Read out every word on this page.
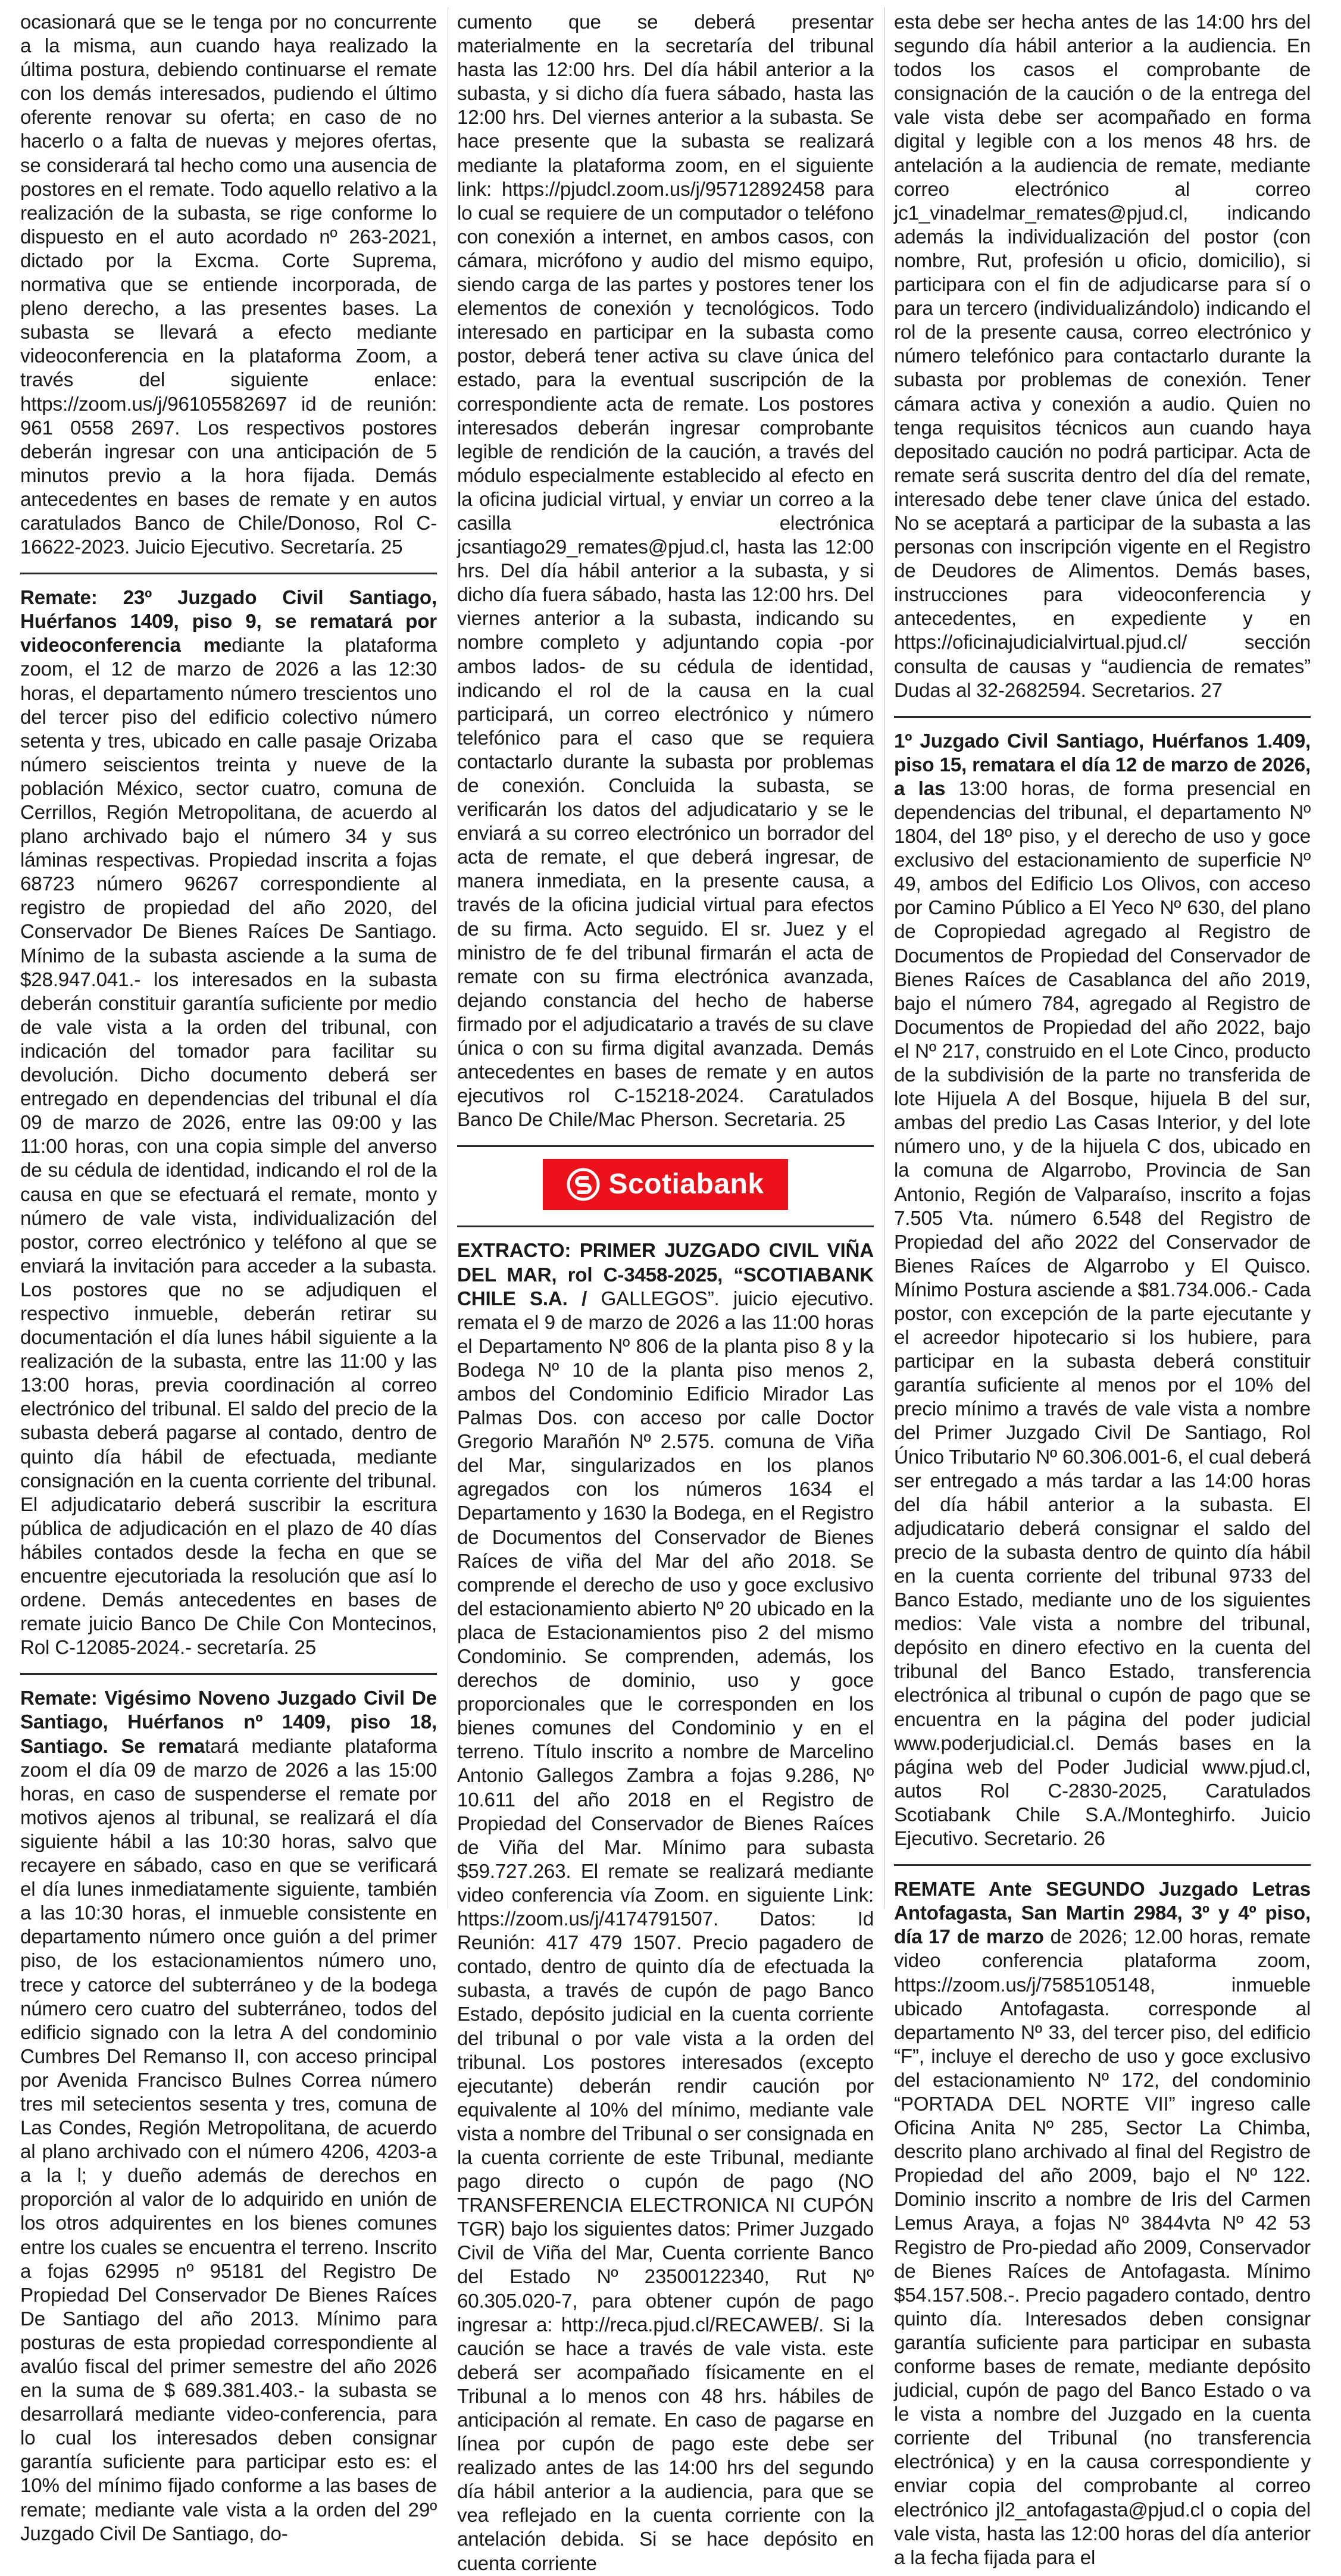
ocasionará que se le tenga por no concurrente a la misma, aun cuando haya realizado la última postura, debiendo continuarse el remate con los demás interesados, pudiendo el último oferente renovar su oferta; en caso de no hacerlo o a falta de nuevas y mejores ofertas, se considerará tal hecho como una ausencia de postores en el remate. Todo aquello relativo a la realización de la subasta, se rige conforme lo dispuesto en el auto acordado nº 263-2021, dictado por la Excma. Corte Suprema, normativa que se entiende incorporada, de pleno derecho, a las presentes bases. La subasta se llevará a efecto mediante videoconferencia en la plataforma Zoom, a través del siguiente enlace: https://zoom.us/j/96105582697 id de reunión: 961 0558 2697. Los respectivos postores deberán ingresar con una anticipación de 5 minutos previo a la hora fijada. Demás antecedentes en bases de remate y en autos caratulados Banco de Chile/Donoso, Rol C-16622-2023. Juicio Ejecutivo. Secretaría. 25

Remate: 23º Juzgado Civil Santiago, Huérfanos 1409, piso 9, se rematará por videoconferencia mediante la plataforma zoom, el 12 de marzo de 2026 a las 12:30 horas, el departamento número trescientos uno del tercer piso del edificio colectivo número setenta y tres, ubicado en calle pasaje Orizaba número seiscientos treinta y nueve de la población México, sector cuatro, comuna de Cerrillos, Región Metropolitana, de acuerdo al plano archivado bajo el número 34 y sus láminas respectivas. Propiedad inscrita a fojas 68723 número 96267 correspondiente al registro de propiedad del año 2020, del Conservador De Bienes Raíces De Santiago. Mínimo de la subasta asciende a la suma de $28.947.041.- los interesados en la subasta deberán constituir garantía suficiente por medio de vale vista a la orden del tribunal, con indicación del tomador para facilitar su devolución. Dicho documento deberá ser entregado en dependencias del tribunal el día 09 de marzo de 2026, entre las 09:00 y las 11:00 horas, con una copia simple del anverso de su cédula de identidad, indicando el rol de la causa en que se efectuará el remate, monto y número de vale vista, individualización del postor, correo electrónico y teléfono al que se enviará la invitación para acceder a la subasta. Los postores que no se adjudiquen el respectivo inmueble, deberán retirar su documentación el día lunes hábil siguiente a la realización de la subasta, entre las 11:00 y las 13:00 horas, previa coordinación al correo electrónico del tribunal. El saldo del precio de la subasta deberá pagarse al contado, dentro de quinto día hábil de efectuada, mediante consignación en la cuenta corriente del tribunal. El adjudicatario deberá suscribir la escritura pública de adjudicación en el plazo de 40 días hábiles contados desde la fecha en que se encuentre ejecutoriada la resolución que así lo ordene. Demás antecedentes en bases de remate juicio Banco De Chile Con Montecinos, Rol C-12085-2024.- secretaría. 25

Remate: Vigésimo Noveno Juzgado Civil De Santiago, Huérfanos nº 1409, piso 18, Santiago. Se rematará mediante plataforma zoom el día 09 de marzo de 2026 a las 15:00 horas, en caso de suspenderse el remate por motivos ajenos al tribunal, se realizará el día siguiente hábil a las 10:30 horas, salvo que recayere en sábado, caso en que se verificará el día lunes inmediatamente siguiente, también a las 10:30 horas, el inmueble consistente en departamento número once guión a del primer piso, de los estacionamientos número uno, trece y catorce del subterráneo y de la bodega número cero cuatro del subterráneo, todos del edificio signado con la letra A del condominio Cumbres Del Remanso II, con acceso principal por Avenida Francisco Bulnes Correa número tres mil setecientos sesenta y tres, comuna de Las Condes, Región Metropolitana, de acuerdo al plano archivado con el número 4206, 4203-a a la l; y dueño además de derechos en proporción al valor de lo adquirido en unión de los otros adquirentes en los bienes comunes entre los cuales se encuentra el terreno. Inscrito a fojas 62995 nº 95181 del Registro De Propiedad Del Conservador De Bienes Raíces De Santiago del año 2013. Mínimo para posturas de esta propiedad correspondiente al avalúo fiscal del primer semestre del año 2026 en la suma de $ 689.381.403.- la subasta se desarrollará mediante video-conferencia, para lo cual los interesados deben consignar garantía suficiente para participar esto es: el 10% del mínimo fijado conforme a las bases de remate; mediante vale vista a la orden del 29º Juzgado Civil De Santiago, do-

cumento que se deberá presentar materialmente en la secretaría del tribunal hasta las 12:00 hrs. Del día hábil anterior a la subasta, y si dicho día fuera sábado, hasta las 12:00 hrs. Del viernes anterior a la subasta. Se hace presente que la subasta se realizará mediante la plataforma zoom, en el siguiente link: https://pjudcl.zoom.us/j/95712892458 para lo cual se requiere de un computador o teléfono con conexión a internet, en ambos casos, con cámara, micrófono y audio del mismo equipo, siendo carga de las partes y postores tener los elementos de conexión y tecnológicos. Todo interesado en participar en la subasta como postor, deberá tener activa su clave única del estado, para la eventual suscripción de la correspondiente acta de remate. Los postores interesados deberán ingresar comprobante legible de rendición de la caución, a través del módulo especialmente establecido al efecto en la oficina judicial virtual, y enviar un correo a la casilla electrónica jcsantiago29_remates@pjud.cl, hasta las 12:00 hrs. Del día hábil anterior a la subasta, y si dicho día fuera sábado, hasta las 12:00 hrs. Del viernes anterior a la subasta, indicando su nombre completo y adjuntando copia -por ambos lados- de su cédula de identidad, indicando el rol de la causa en la cual participará, un correo electrónico y número telefónico para el caso que se requiera contactarlo durante la subasta por problemas de conexión. Concluida la subasta, se verificarán los datos del adjudicatario y se le enviará a su correo electrónico un borrador del acta de remate, el que deberá ingresar, de manera inmediata, en la presente causa, a través de la oficina judicial virtual para efectos de su firma. Acto seguido. El sr. Juez y el ministro de fe del tribunal firmarán el acta de remate con su firma electrónica avanzada, dejando constancia del hecho de haberse firmado por el adjudicatario a través de su clave única o con su firma digital avanzada. Demás antecedentes en bases de remate y en autos ejecutivos rol C-15218-2024. Caratulados Banco De Chile/Mac Pherson. Secretaria. 25

Scotiabank

EXTRACTO: PRIMER JUZGADO CIVIL VIÑA DEL MAR, rol C-3458-2025, “SCOTIABANK CHILE S.A. / GALLEGOS”. juicio ejecutivo. remata el 9 de marzo de 2026 a las 11:00 horas el Departamento Nº 806 de la planta piso 8 y la Bodega Nº 10 de la planta piso menos 2, ambos del Condominio Edificio Mirador Las Palmas Dos. con acceso por calle Doctor Gregorio Marañón Nº 2.575. comuna de Viña del Mar, singularizados en los planos agregados con los números 1634 el Departamento y 1630 la Bodega, en el Registro de Documentos del Conservador de Bienes Raíces de viña del Mar del año 2018. Se comprende el derecho de uso y goce exclusivo del estacionamiento abierto Nº 20 ubicado en la placa de Estacionamientos piso 2 del mismo Condominio. Se comprenden, además, los derechos de dominio, uso y goce proporcionales que le corresponden en los bienes comunes del Condominio y en el terreno. Título inscrito a nombre de Marcelino Antonio Gallegos Zambra a fojas 9.286, Nº 10.611 del año 2018 en el Registro de Propiedad del Conservador de Bienes Raíces de Viña del Mar. Mínimo para subasta $59.727.263. El remate se realizará mediante video conferencia vía Zoom. en siguiente Link: https://zoom.us/j/4174791507. Datos: Id Reunión: 417 479 1507. Precio pagadero de contado, dentro de quinto día de efectuada la subasta, a través de cupón de pago Banco Estado, depósito judicial en la cuenta corriente del tribunal o por vale vista a la orden del tribunal. Los postores interesados (excepto ejecutante) deberán rendir caución por equivalente al 10% del mínimo, mediante vale vista a nombre del Tribunal o ser consignada en la cuenta corriente de este Tribunal, mediante pago directo o cupón de pago (NO TRANSFERENCIA ELECTRONICA NI CUPÓN TGR) bajo los siguientes datos: Primer Juzgado Civil de Viña del Mar, Cuenta corriente Banco del Estado Nº 23500122340, Rut Nº 60.305.020-7, para obtener cupón de pago ingresar a: http://reca.pjud.cl/RECAWEB/. Si la caución se hace a través de vale vista. este deberá ser acompañado físicamente en el Tribunal a lo menos con 48 hrs. hábiles de anticipación al remate. En caso de pagarse en línea por cupón de pago este debe ser realizado antes de las 14:00 hrs del segundo día hábil anterior a la audiencia, para que se vea reflejado en la cuenta corriente con la antelación debida. Si se hace depósito en cuenta corriente

esta debe ser hecha antes de las 14:00 hrs del segundo día hábil anterior a la audiencia. En todos los casos el comprobante de consignación de la caución o de la entrega del vale vista debe ser acompañado en forma digital y legible con a los menos 48 hrs. de antelación a la audiencia de remate, mediante correo electrónico al correo jc1_vinadelmar_remates@pjud.cl, indicando además la individualización del postor (con nombre, Rut, profesión u oficio, domicilio), si participara con el fin de adjudicarse para sí o para un tercero (individualizándolo) indicando el rol de la presente causa, correo electrónico y número telefónico para contactarlo durante la subasta por problemas de conexión. Tener cámara activa y conexión a audio. Quien no tenga requisitos técnicos aun cuando haya depositado caución no podrá participar. Acta de remate será suscrita dentro del día del remate, interesado debe tener clave única del estado. No se aceptará a participar de la subasta a las personas con inscripción vigente en el Registro de Deudores de Alimentos. Demás bases, instrucciones para videoconferencia y antecedentes, en expediente y en https://oficinajudicialvirtual.pjud.cl/ sección consulta de causas y “audiencia de remates” Dudas al 32-2682594. Secretarios. 27

1º Juzgado Civil Santiago, Huérfanos 1.409, piso 15, rematara el día 12 de marzo de 2026, a las 13:00 horas, de forma presencial en dependencias del tribunal, el departamento Nº 1804, del 18º piso, y el derecho de uso y goce exclusivo del estacionamiento de superficie Nº 49, ambos del Edificio Los Olivos, con acceso por Camino Público a El Yeco Nº 630, del plano de Copropiedad agregado al Registro de Documentos de Propiedad del Conservador de Bienes Raíces de Casablanca del año 2019, bajo el número 784, agregado al Registro de Documentos de Propiedad del año 2022, bajo el Nº 217, construido en el Lote Cinco, producto de la subdivisión de la parte no transferida de lote Hijuela A del Bosque, hijuela B del sur, ambas del predio Las Casas Interior, y del lote número uno, y de la hijuela C dos, ubicado en la comuna de Algarrobo, Provincia de San Antonio, Región de Valparaíso, inscrito a fojas 7.505 Vta. número 6.548 del Registro de Propiedad del año 2022 del Conservador de Bienes Raíces de Algarrobo y El Quisco. Mínimo Postura asciende a $81.734.006.- Cada postor, con excepción de la parte ejecutante y el acreedor hipotecario si los hubiere, para participar en la subasta deberá constituir garantía suficiente al menos por el 10% del precio mínimo a través de vale vista a nombre del Primer Juzgado Civil De Santiago, Rol Único Tributario Nº 60.306.001-6, el cual deberá ser entregado a más tardar a las 14:00 horas del día hábil anterior a la subasta. El adjudicatario deberá consignar el saldo del precio de la subasta dentro de quinto día hábil en la cuenta corriente del tribunal 9733 del Banco Estado, mediante uno de los siguientes medios: Vale vista a nombre del tribunal, depósito en dinero efectivo en la cuenta del tribunal del Banco Estado, transferencia electrónica al tribunal o cupón de pago que se encuentra en la página del poder judicial www.poderjudicial.cl. Demás bases en la página web del Poder Judicial www.pjud.cl, autos Rol C-2830-2025, Caratulados Scotiabank Chile S.A./Monteghirfo. Juicio Ejecutivo. Secretario. 26

REMATE Ante SEGUNDO Juzgado Letras Antofagasta, San Martin 2984, 3º y 4º piso, día 17 de marzo de 2026; 12.00 horas, remate video conferencia plataforma zoom, https://zoom.us/j/7585105148, inmueble ubicado Antofagasta. corresponde al departamento Nº 33, del tercer piso, del edificio “F”, incluye el derecho de uso y goce exclusivo del estacionamiento Nº 172, del condominio “PORTADA DEL NORTE VII” ingreso calle Oficina Anita Nº 285, Sector La Chimba, descrito plano archivado al final del Registro de Propiedad del año 2009, bajo el Nº 122. Dominio inscrito a nombre de Iris del Carmen Lemus Araya, a fojas Nº 3844vta Nº 42 53 Registro de Pro-piedad año 2009, Conservador de Bienes Raíces de Antofagasta. Mínimo $54.157.508.-. Precio pagadero contado, dentro quinto día. Interesados deben consignar garantía suficiente para participar en subasta conforme bases de remate, mediante depósito judicial, cupón de pago del Banco Estado o va le vista a nombre del Juzgado en la cuenta corriente del Tribunal (no transferencia electrónica) y en la causa correspondiente y enviar copia del comprobante al correo electrónico jl2_antofagasta@pjud.cl o copia del vale vista, hasta las 12:00 horas del día anterior a la fecha fijada para el
